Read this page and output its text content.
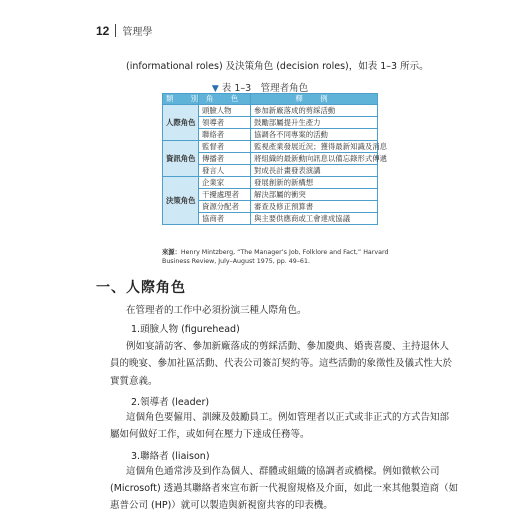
12 管理學
(informational roles) 及決策角色 (decision roles)，如表 1–3 所示。
▼ 表 1–3　管理者角色
類　別	角　色	釋　例
人際角色	頭臉人物	參加新廠落成的剪綵活動
	領導者	鼓勵部屬提升生產力
	聯絡者	協調各不同專案的活動
資訊角色	監督者	監視產業發展近況；獲得最新知識及消息
	傳播者	將組織的最新動向訊息以備忘錄形式傳遞
	發言人	對成長計畫發表演講
決策角色	企業家	發展創新的新構想
	干擾處理者	解決部屬的衝突
	資源分配者	審查及修正預算書
	協商者	與主要供應商或工會達成協議
來源：Henry Mintzberg, “The Manager’s Job, Folklore and Fact,” Harvard Business Review, July–August 1975, pp. 49–61.
一、人際角色
在管理者的工作中必須扮演三種人際角色。
1.頭臉人物 (figurehead)
例如宴請訪客、參加新廠落成的剪綵活動、參加慶典、婚喪喜慶、主持退休人
員的晚宴、參加社區活動、代表公司簽訂契約等。這些活動的象徵性及儀式性大於
實質意義。
2.領導者 (leader)
這個角色要僱用、訓練及鼓勵員工。例如管理者以正式或非正式的方式告知部
屬如何做好工作，或如何在壓力下達成任務等。
3.聯絡者 (liaison)
這個角色通常涉及到作為個人、群體或組織的協調者或橋樑。例如微軟公司
(Microsoft) 透過其聯絡者來宣布新一代視窗規格及介面，如此一來其他製造商（如
惠普公司 (HP)）就可以製造與新視窗共容的印表機。
